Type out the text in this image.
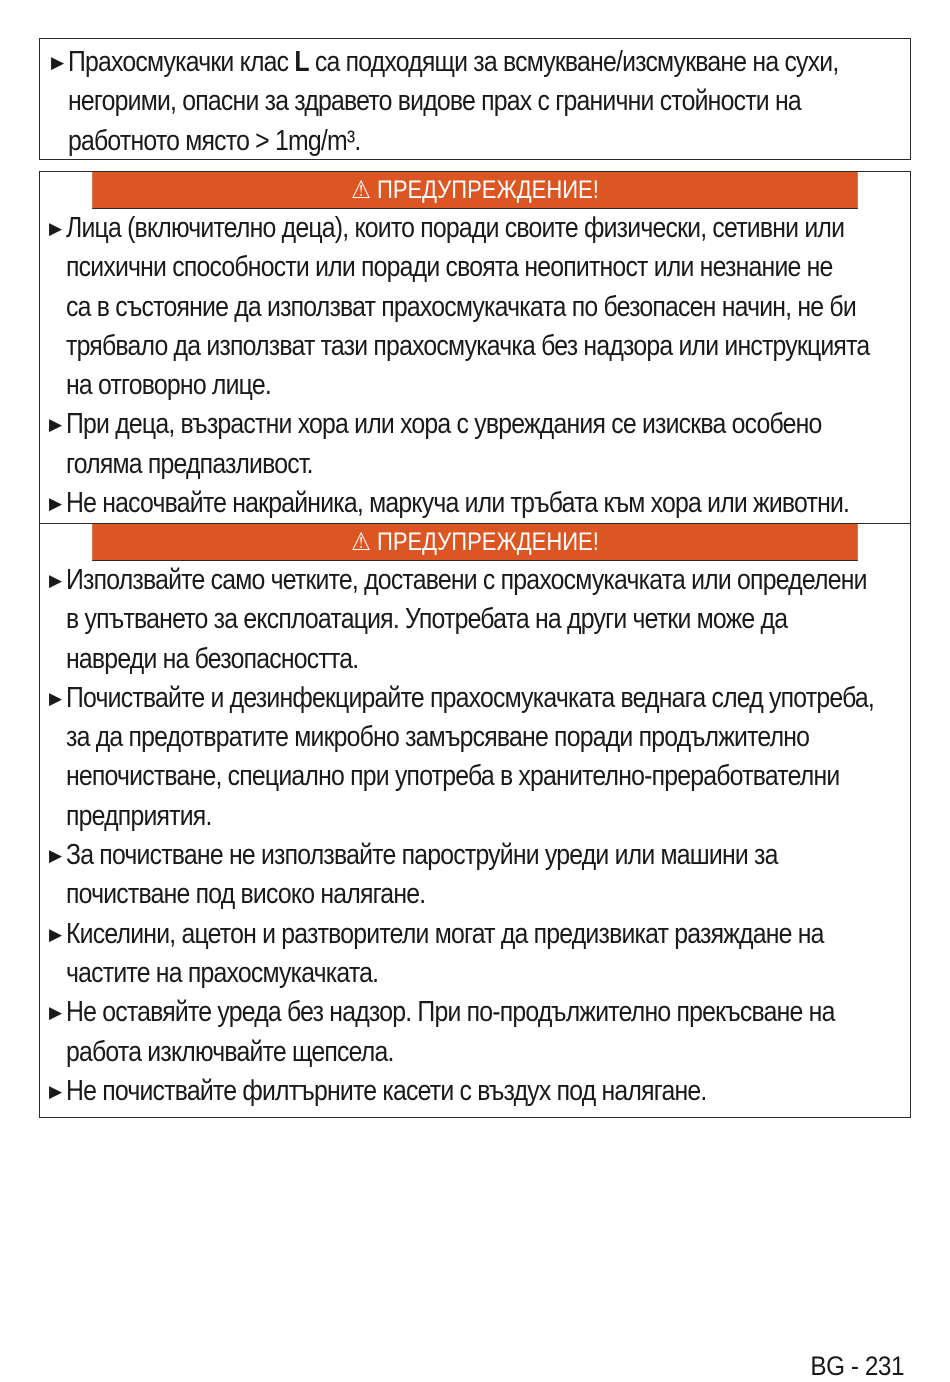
▶ Прахосмукачки клас L са подходящи за всмукване/изсмукване на сухи,
негорими, опасни за здравето видове прах с гранични стойности на
работното място > 1mg/m³.
⚠ ПРЕДУПРЕЖДЕНИЕ!
▶ Лица (включително деца), които поради своите физически, сетивни или
психични способности или поради своята неопитност или незнание не
са в състояние да използват прахосмукачката по безопасен начин, не би
трябвало да използват тази прахосмукачка без надзора или инструкцията
на отговорно лице.
▶ При деца, възрастни хора или хора с увреждания се изисква особено
голяма предпазливост.
▶ Не насочвайте накрайника, маркуча или тръбата към хора или животни.
⚠ ПРЕДУПРЕЖДЕНИЕ!
▶ Използвайте само четките, доставени с прахосмукачката или определени
в упътването за експлоатация. Употребата на други четки може да
навреди на безопасността.
▶ Почиствайте и дезинфекцирайте прахосмукачката веднага след употреба,
за да предотвратите микробно замърсяване поради продължително
непочистване, специално при употреба в хранително-преработвателни
предприятия.
▶ За почистване не използвайте пароструйни уреди или машини за
почистване под високо налягане.
▶ Киселини, ацетон и разтворители могат да предизвикат разяждане на
частите на прахосмукачката.
▶ Не оставяйте уреда без надзор. При по-продължително прекъсване на
работа изключвайте щепсела.
▶ Не почиствайте филтърните касети с въздух под налягане.
BG - 231
